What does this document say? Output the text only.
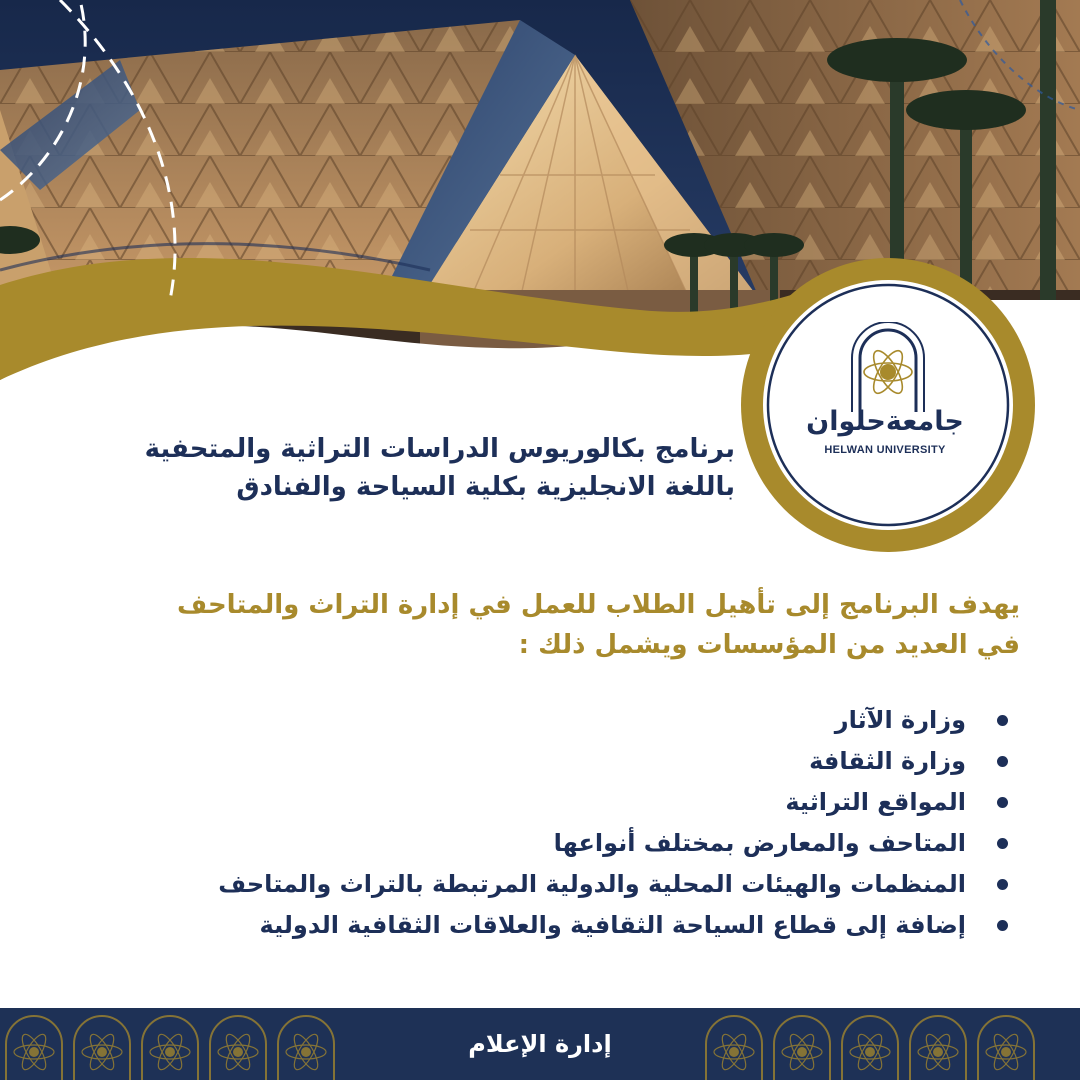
جامعةحلوان
HELWAN UNIVERSITY
برنامج بكالوريوس الدراسات التراثية والمتحفية
باللغة الانجليزية بكلية السياحة والفنادق
يهدف البرنامج إلى تأهيل الطلاب للعمل في إدارة التراث والمتاحف
في العديد من المؤسسات ويشمل ذلك :
وزارة الآثار
وزارة الثقافة
المواقع التراثية
المتاحف والمعارض بمختلف أنواعها
المنظمات والهيئات المحلية والدولية المرتبطة بالتراث والمتاحف
إضافة إلى قطاع السياحة الثقافية والعلاقات الثقافية الدولية
إدارة الإعلام
